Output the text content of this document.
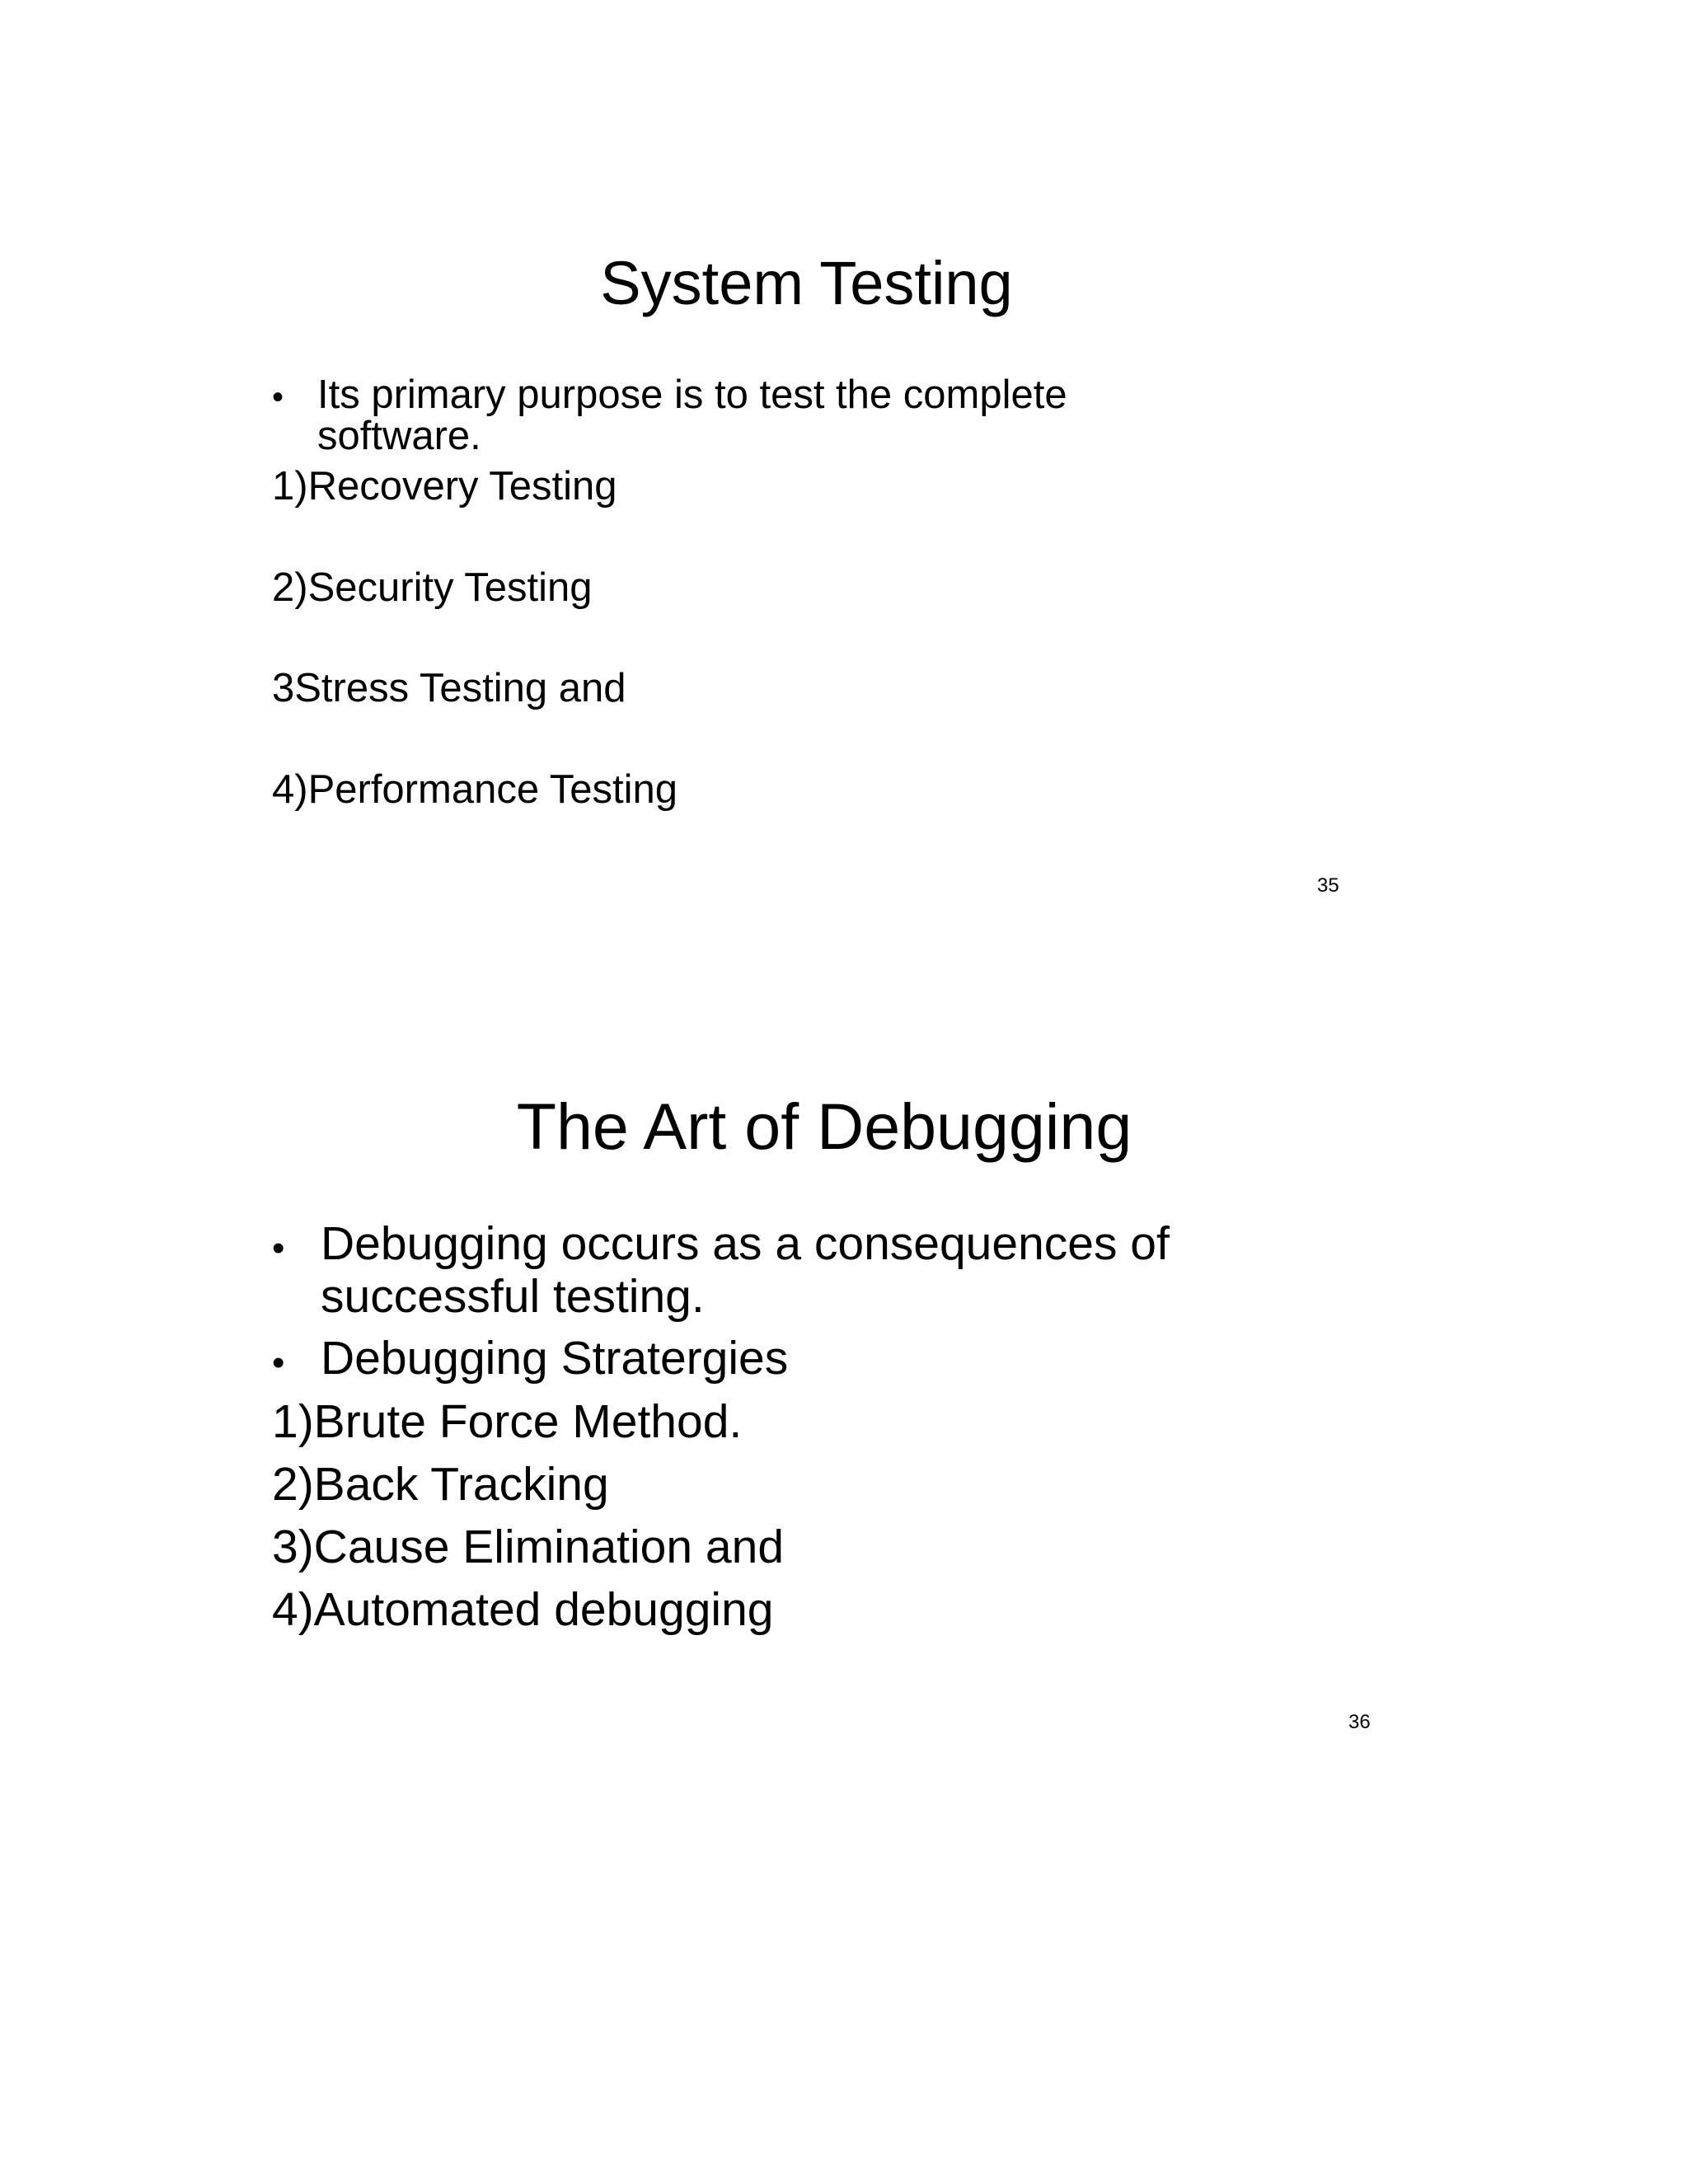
System Testing
• Its primary purpose is to test the complete

software.

1)Recovery Testing

2)Security Testing

3Stress Testing and

4)Performance Testing

35
The Art of Debugging
• Debugging occurs as a consequences of

successful testing.

• Debugging Stratergies

1)Brute Force Method.

2)Back Tracking

3)Cause Elimination and

4)Automated debugging

36
